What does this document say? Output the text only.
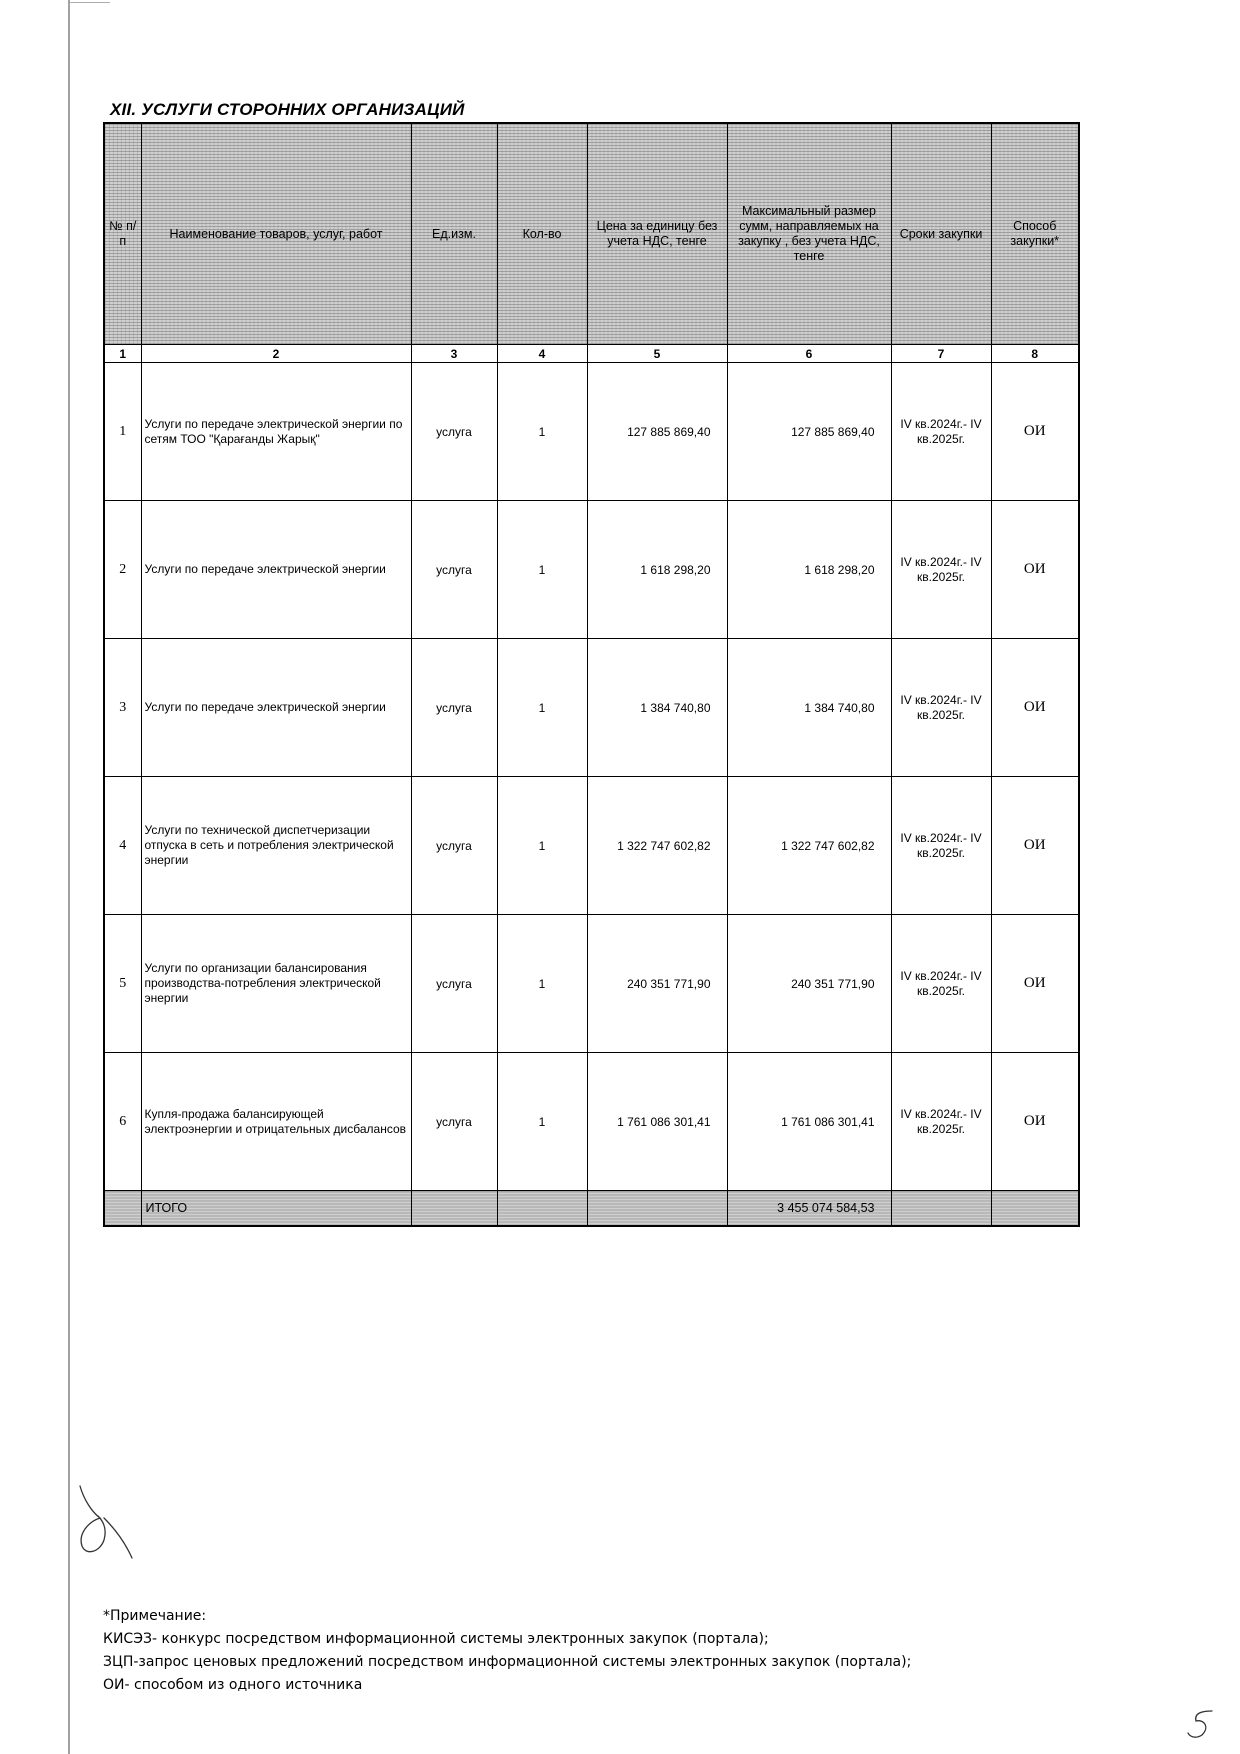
XII. УСЛУГИ СТОРОННИХ ОРГАНИЗАЦИЙ
№ п/п	Наименование товаров, услуг, работ	Ед.изм.	Кол-во	Цена за единицу без учета НДС, тенге	Максимальный размер сумм, направляемых на закупку , без учета НДС, тенге	Сроки закупки	Способ закупки*
1	2	3	4	5	6	7	8
1	Услуги по передаче электрической энергии по сетям ТОО "Қарағанды Жарық"	услуга	1	127 885 869,40	127 885 869,40	IV кв.2024г.- IV кв.2025г.	ОИ
2	Услуги по передаче электрической энергии	услуга	1	1 618 298,20	1 618 298,20	IV кв.2024г.- IV кв.2025г.	ОИ
3	Услуги по передаче электрической энергии	услуга	1	1 384 740,80	1 384 740,80	IV кв.2024г.- IV кв.2025г.	ОИ
4	Услуги по технической диспетчеризации отпуска в сеть и потребления электрической энергии	услуга	1	1 322 747 602,82	1 322 747 602,82	IV кв.2024г.- IV кв.2025г.	ОИ
5	Услуги по организации балансирования производства-потребления электрической энергии	услуга	1	240 351 771,90	240 351 771,90	IV кв.2024г.- IV кв.2025г.	ОИ
6	Купля-продажа балансирующей электроэнергии и отрицательных дисбалансов	услуга	1	1 761 086 301,41	1 761 086 301,41	IV кв.2024г.- IV кв.2025г.	ОИ
	ИТОГО				3 455 074 584,53		
*Примечание:
КИСЭЗ- конкурс посредством информационной системы электронных закупок (портала);
ЗЦП-запрос ценовых предложений посредством информационной системы электронных закупок (портала);
ОИ- способом из одного источника
